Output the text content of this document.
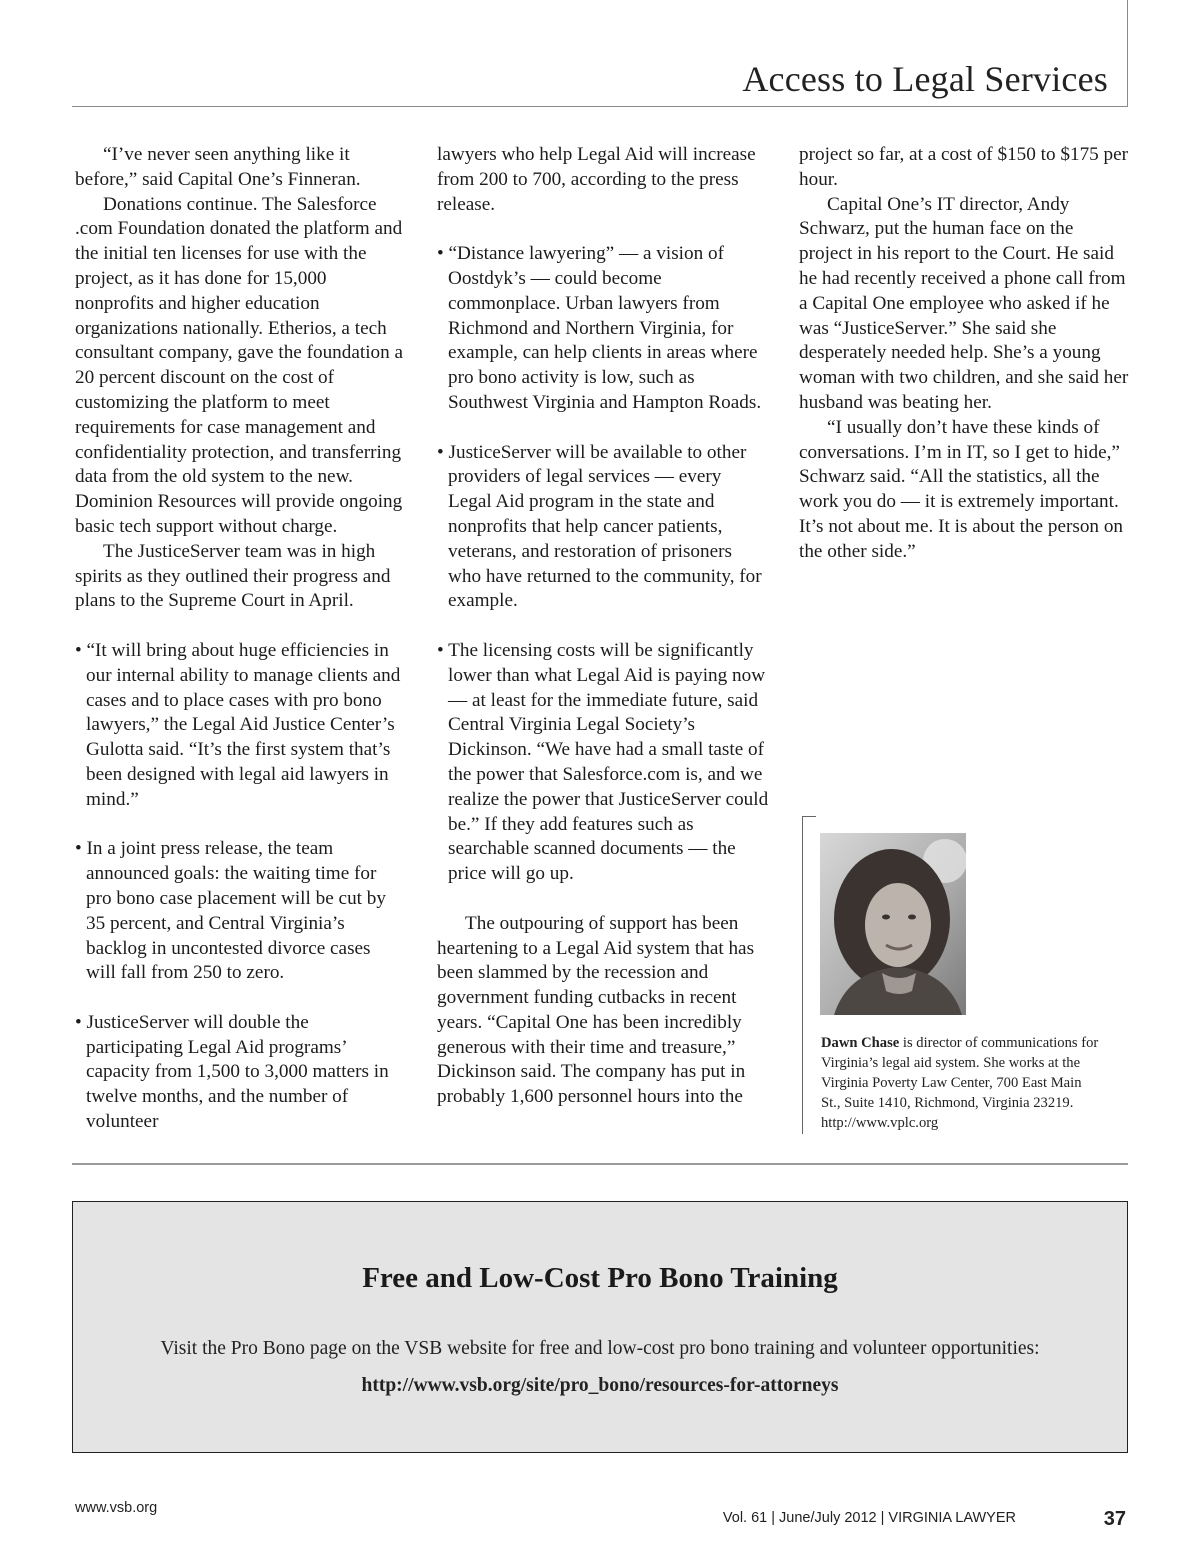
Access to Legal Services

“I’ve never seen anything like it before,” said Capital One’s Finneran.

Donations continue. The Salesforce .com Foundation donated the platform and the initial ten licenses for use with the project, as it has done for 15,000 nonprofits and higher education organizations nationally. Etherios, a tech consultant company, gave the foundation a 20 percent discount on the cost of customizing the platform to meet requirements for case management and confidentiality protection, and transferring data from the old system to the new. Dominion Resources will provide ongoing basic tech support without charge.

The JusticeServer team was in high spirits as they outlined their progress and plans to the Supreme Court in April.

• “It will bring about huge efficiencies in our internal ability to manage clients and cases and to place cases with pro bono lawyers,” the Legal Aid Justice Center’s Gulotta said. “It’s the first system that’s been designed with legal aid lawyers in mind.”

• In a joint press release, the team announced goals: the waiting time for pro bono case placement will be cut by 35 percent, and Central Virginia’s backlog in uncontested divorce cases will fall from 250 to zero.

• JusticeServer will double the participating Legal Aid programs’ capacity from 1,500 to 3,000 matters in twelve months, and the number of volunteer

lawyers who help Legal Aid will increase from 200 to 700, according to the press release.

• “Distance lawyering” — a vision of Oostdyk’s — could become commonplace. Urban lawyers from Richmond and Northern Virginia, for example, can help clients in areas where pro bono activity is low, such as Southwest Virginia and Hampton Roads.

• JusticeServer will be available to other providers of legal services — every Legal Aid program in the state and nonprofits that help cancer patients, veterans, and restoration of prisoners who have returned to the community, for example.

• The licensing costs will be significantly lower than what Legal Aid is paying now — at least for the immediate future, said Central Virginia Legal Society’s Dickinson. “We have had a small taste of the power that Salesforce.com is, and we realize the power that JusticeServer could be.” If they add features such as searchable scanned documents — the price will go up.

The outpouring of support has been heartening to a Legal Aid system that has been slammed by the recession and government funding cutbacks in recent years. “Capital One has been incredibly generous with their time and treasure,” Dickinson said. The company has put in probably 1,600 personnel hours into the

project so far, at a cost of $150 to $175 per hour.

Capital One’s IT director, Andy Schwarz, put the human face on the project in his report to the Court. He said he had recently received a phone call from a Capital One employee who asked if he was “JusticeServer.” She said she desperately needed help. She’s a young woman with two children, and she said her husband was beating her.

“I usually don’t have these kinds of conversations. I’m in IT, so I get to hide,” Schwarz said. “All the statistics, all the work you do — it is extremely important. It’s not about me. It is about the person on the other side.”

Dawn Chase is director of communications for Virginia’s legal aid system. She works at the Virginia Poverty Law Center, 700 East Main St., Suite 1410, Richmond, Virginia 23219. http://www.vplc.org
Free and Low-Cost Pro Bono Training
Visit the Pro Bono page on the VSB website for free and low-cost pro bono training and volunteer opportunities: http://www.vsb.org/site/pro_bono/resources-for-attorneys
www.vsb.org
Vol. 61 | June/July 2012 | VIRGINIA LAWYER	37
